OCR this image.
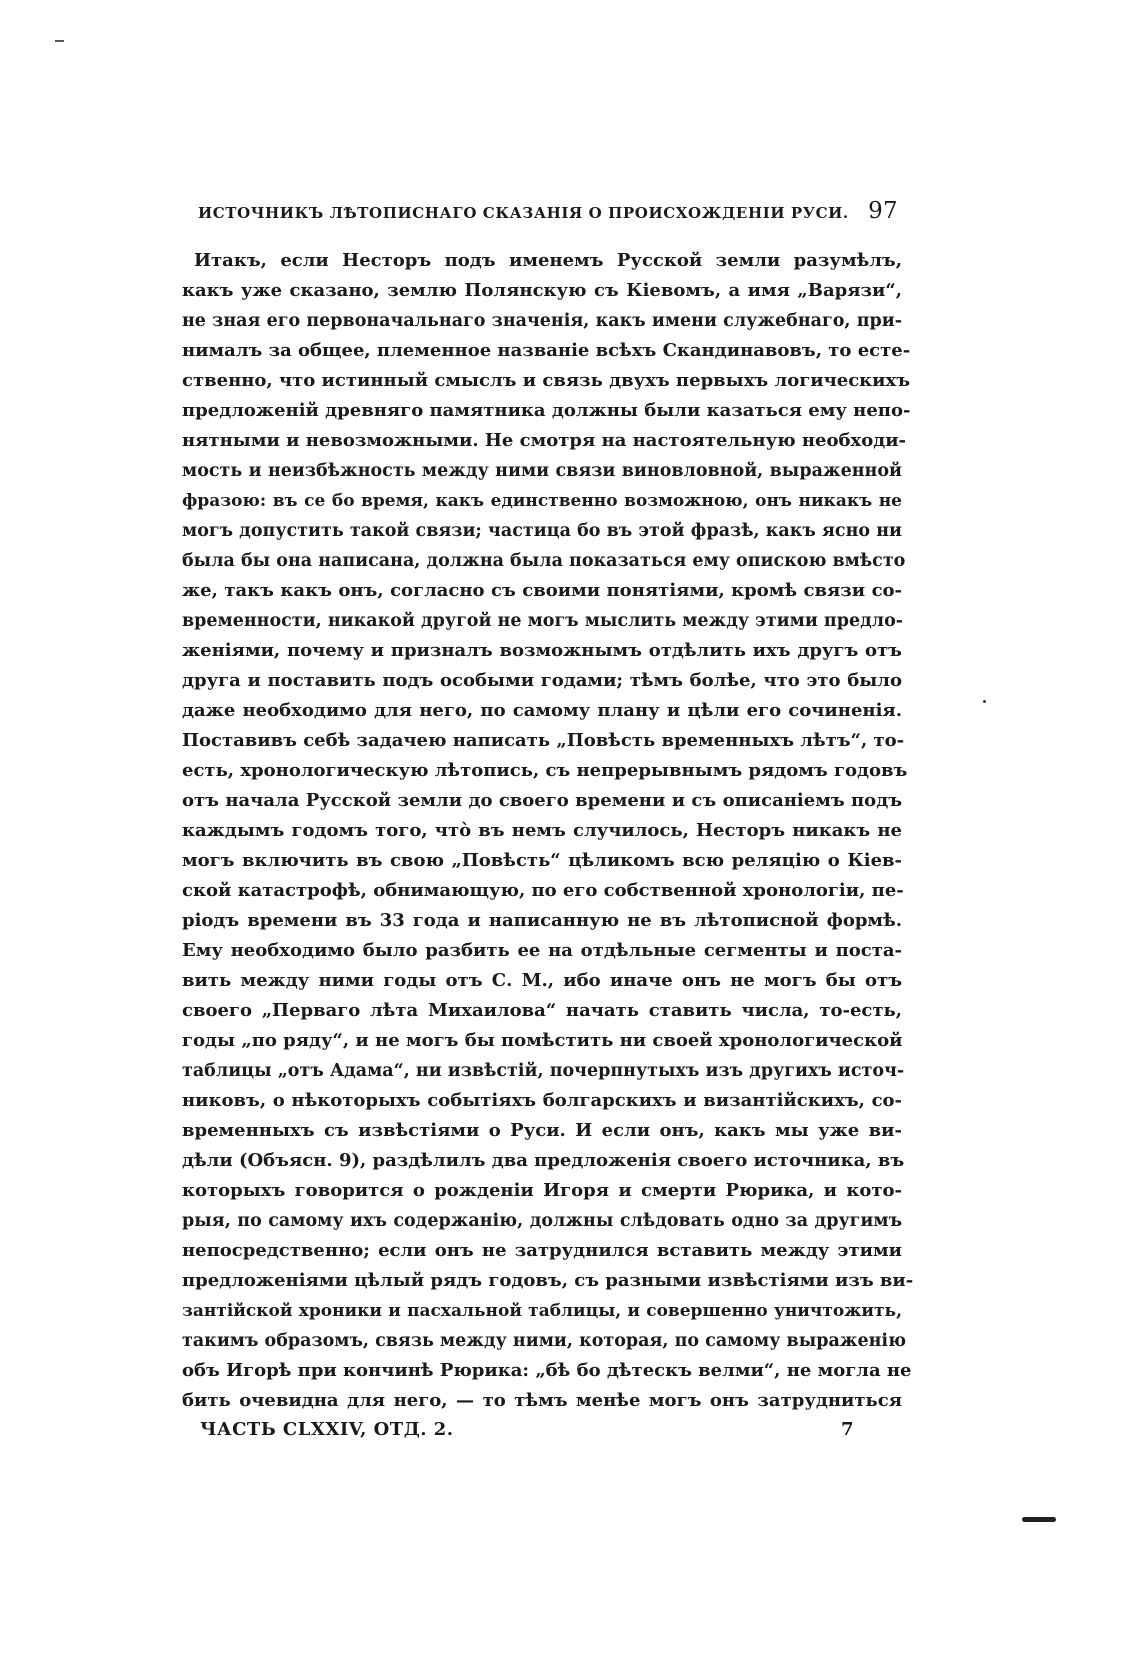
ИСТОЧНИКЪ ЛѢТОПИСНАГО СКАЗАНІЯ О ПРОИСХОЖДЕНІИ РУСИ. 97
Итакъ, если Несторъ подъ именемъ Русской земли разумѣлъ,
какъ уже сказано, землю Полянскую съ Кіевомъ, а имя „Варязи“,
не зная его первоначальнаго значенія, какъ имени служебнаго, при-
нималъ за общее, племенное названіе всѣхъ Скандинавовъ, то есте-
ственно, что истинный смыслъ и связь двухъ первыхъ логическихъ
предложеній древняго памятника должны были казаться ему непо-
нятными и невозможными. Не смотря на настоятельную необходи-
мость и неизбѣжность между ними связи виновловной, выраженной
фразою: въ се бо время, какъ единственно возможною, онъ никакъ не
могъ допустить такой связи; частица бо въ этой фразѣ, какъ ясно ни
была бы она написана, должна была показаться ему опискою вмѣсто
же, такъ какъ онъ, согласно съ своими понятіями, кромѣ связи со-
временности, никакой другой не могъ мыслить между этими предло-
женіями, почему и призналъ возможнымъ отдѣлить ихъ другъ отъ
друга и поставить подъ особыми годами; тѣмъ болѣе, что это было
даже необходимо для него, по самому плану и цѣли его сочиненія.
Поставивъ себѣ задачею написать „Повѣсть временныхъ лѣтъ“, то-
есть, хронологическую лѣтопись, съ непрерывнымъ рядомъ годовъ
отъ начала Русской земли до своего времени и съ описаніемъ подъ
каждымъ годомъ того, что̀ въ немъ случилось, Несторъ никакъ не
могъ включить въ свою „Повѣсть“ цѣликомъ всю реляцію о Кіев-
ской катастрофѣ, обнимающую, по его собственной хронологіи, пе-
ріодъ времени въ 33 года и написанную не въ лѣтописной формѣ.
Ему необходимо было разбить ее на отдѣльные сегменты и поста-
вить между ними годы отъ С. М., ибо иначе онъ не могъ бы отъ
своего „Перваго лѣта Михаилова“ начать ставить числа, то-есть,
годы „по ряду“, и не могъ бы помѣстить ни своей хронологической
таблицы „отъ Адама“, ни извѣстій, почерпнутыхъ изъ другихъ источ-
никовъ, о нѣкоторыхъ событіяхъ болгарскихъ и византійскихъ, со-
временныхъ съ извѣстіями о Руси. И если онъ, какъ мы уже ви-
дѣли (Объясн. 9), раздѣлилъ два предложенія своего источника, въ
которыхъ говорится о рожденіи Игоря и смерти Рюрика, и кото-
рыя, по самому ихъ содержанію, должны слѣдовать одно за другимъ
непосредственно; если онъ не затруднился вставить между этими
предложеніями цѣлый рядъ годовъ, съ разными извѣстіями изъ ви-
зантійской хроники и пасхальной таблицы, и совершенно уничтожить,
такимъ образомъ, связь между ними, которая, по самому выраженію
объ Игорѣ при кончинѣ Рюрика: „бѣ бо дѣтескъ велми“, не могла не
бить очевидна для него, — то тѣмъ менѣе могъ онъ затрудниться
ЧАСТЬ CLXXIV, ОТД. 2.	7
